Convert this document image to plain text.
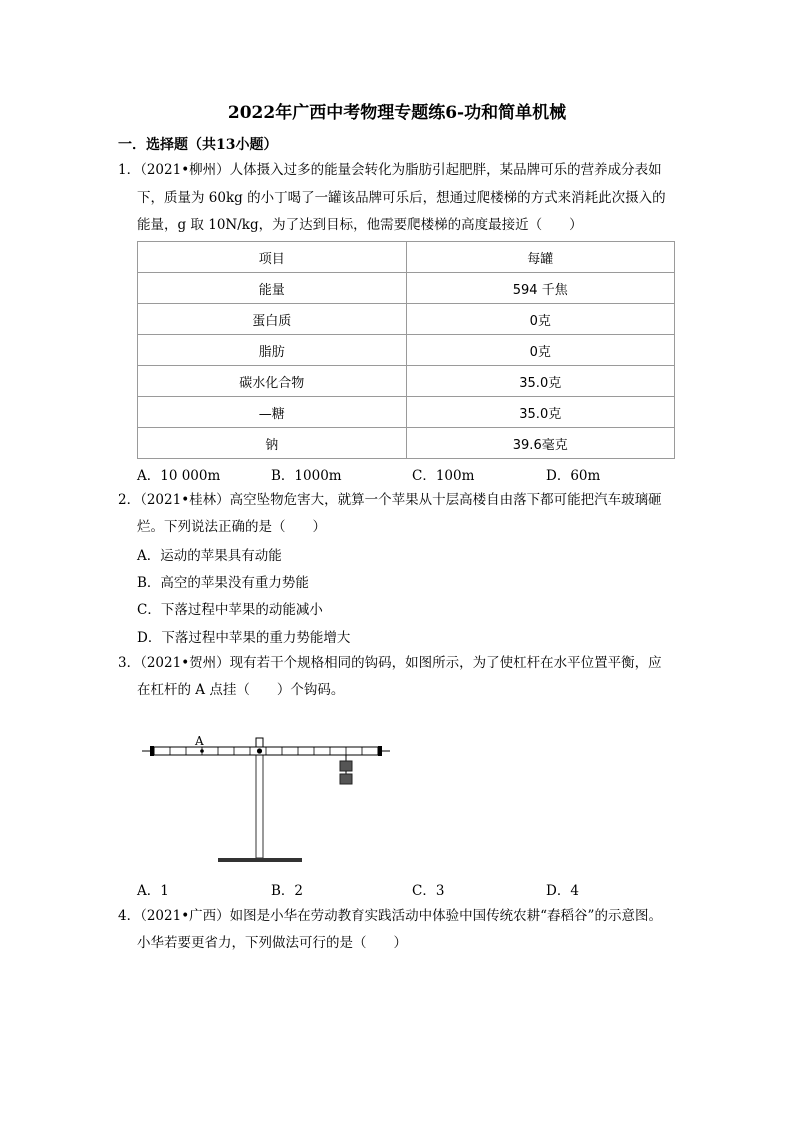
2022年广西中考物理专题练6-功和简单机械
一．选择题（共13小题）
1．（2021•柳州）人体摄入过多的能量会转化为脂肪引起肥胖，某品牌可乐的营养成分表如
下，质量为 60kg 的小丁喝了一罐该品牌可乐后，想通过爬楼梯的方式来消耗此次摄入的
能量，g 取 10N/kg，为了达到目标，他需要爬楼梯的高度最接近（　　）
项目	每罐
能量	594 千焦
蛋白质	0克
脂肪	0克
碳水化合物	35.0克
—糖	35.0克
钠	39.6毫克
A．10 000m	B．1000m	C．100m	D．60m
2．（2021•桂林）高空坠物危害大，就算一个苹果从十层高楼自由落下都可能把汽车玻璃砸
烂。下列说法正确的是（　　）
A．运动的苹果具有动能
B．高空的苹果没有重力势能
C．下落过程中苹果的动能减小
D．下落过程中苹果的重力势能增大
3．（2021•贺州）现有若干个规格相同的钩码，如图所示，为了使杠杆在水平位置平衡，应
在杠杆的 A 点挂（　　）个钩码。
A
A．1	B．2	C．3	D．4
4．（2021•广西）如图是小华在劳动教育实践活动中体验中国传统农耕“舂稻谷”的示意图。
小华若要更省力，下列做法可行的是（　　）
